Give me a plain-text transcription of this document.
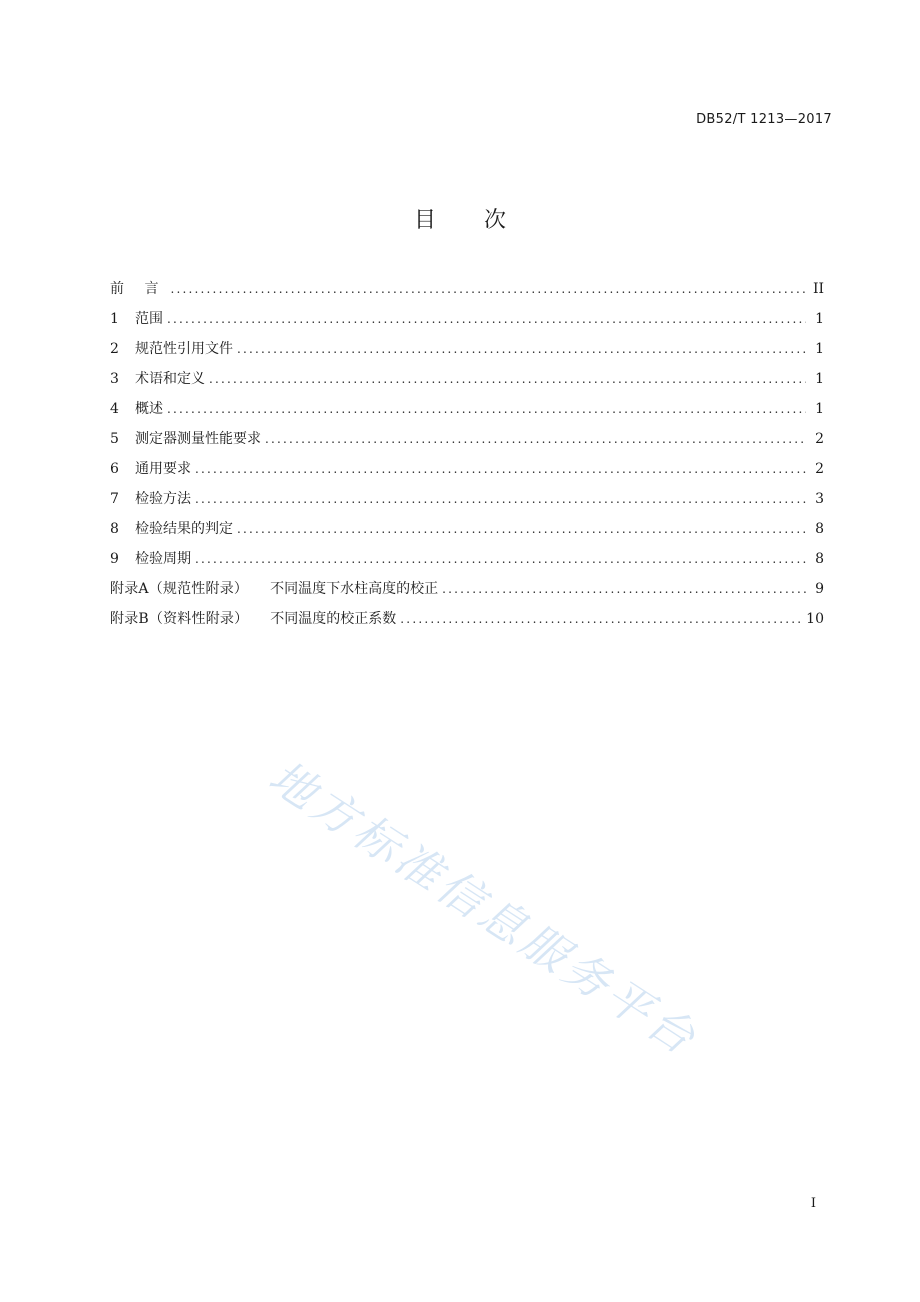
DB52/T 1213—2017
目 次
前 言 .....	II
1	范围 .....	1
2	规范性引用文件 .....	1
3	术语和定义 .....	1
4	概述 .....	1
5	测定器测量性能要求 .....	2
6	通用要求 .....	2
7	检验方法 .....	3
8	检验结果的判定 .....	8
9	检验周期 .....	8
附录A（规范性附录） 不同温度下水柱高度的校正 .....	9
附录B（资料性附录） 不同温度的校正系数 .....	10
地方标准信息服务平台
I
